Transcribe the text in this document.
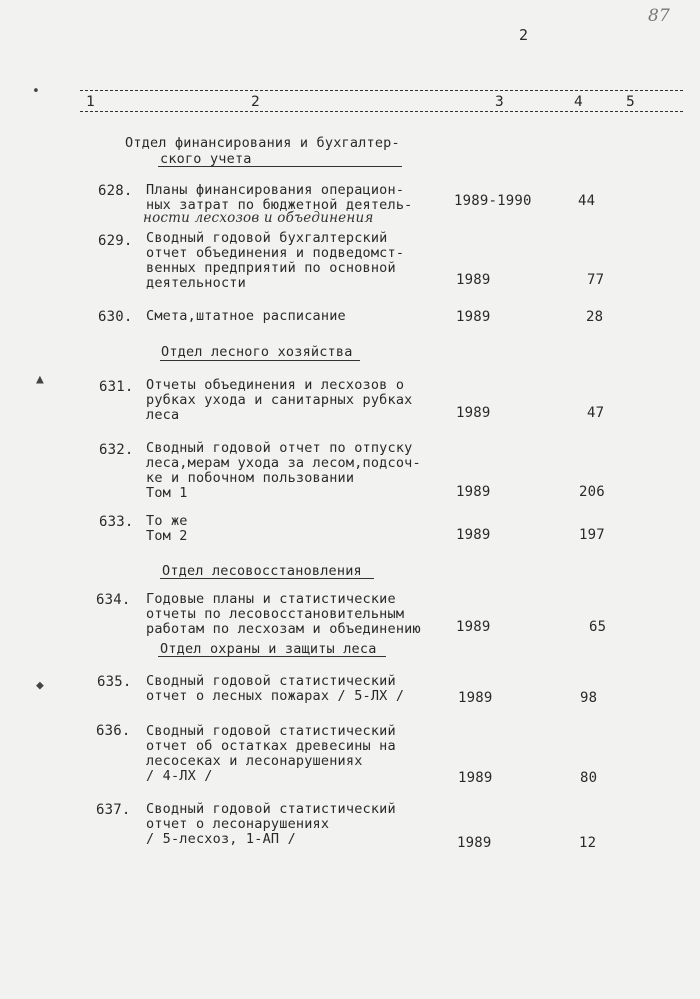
87
2
•
▲
◆
1	2	3	4	5
Отдел финансирования и бухгалтер-
ского учета
628. Планы финансирования операцион-
ных затрат по бюджетной деятель-
ности лесхозов и объединения
1989-1990	44
629. Сводный годовой бухгалтерский
отчет объединения и подведомст-
венных предприятий по основной
деятельности	1989	77
630. Смета,штатное расписание	1989	28
Отдел лесного хозяйства
631. Отчеты объединения и лесхозов о
рубках ухода и санитарных рубках
леса	1989	47
632. Сводный годовой отчет по отпуску
леса,мерам ухода за лесом,подсоч-
ке и побочном пользовании
Том 1	1989	206
633. То же
Том 2	1989	197
Отдел лесовосстановления
634. Годовые планы и статистические
отчеты по лесовосстановительным
работам по лесхозам и объединению	1989	65
Отдел охраны и защиты леса
635. Сводный годовой статистический
отчет о лесных пожарах / 5-ЛХ /	1989	98
636. Сводный годовой статистический
отчет об остатках древесины на
лесосеках и лесонарушениях
/ 4-ЛХ /	1989	80
637. Сводный годовой статистический
отчет о лесонарушениях
/ 5-лесхоз, 1-АП /	1989	12
